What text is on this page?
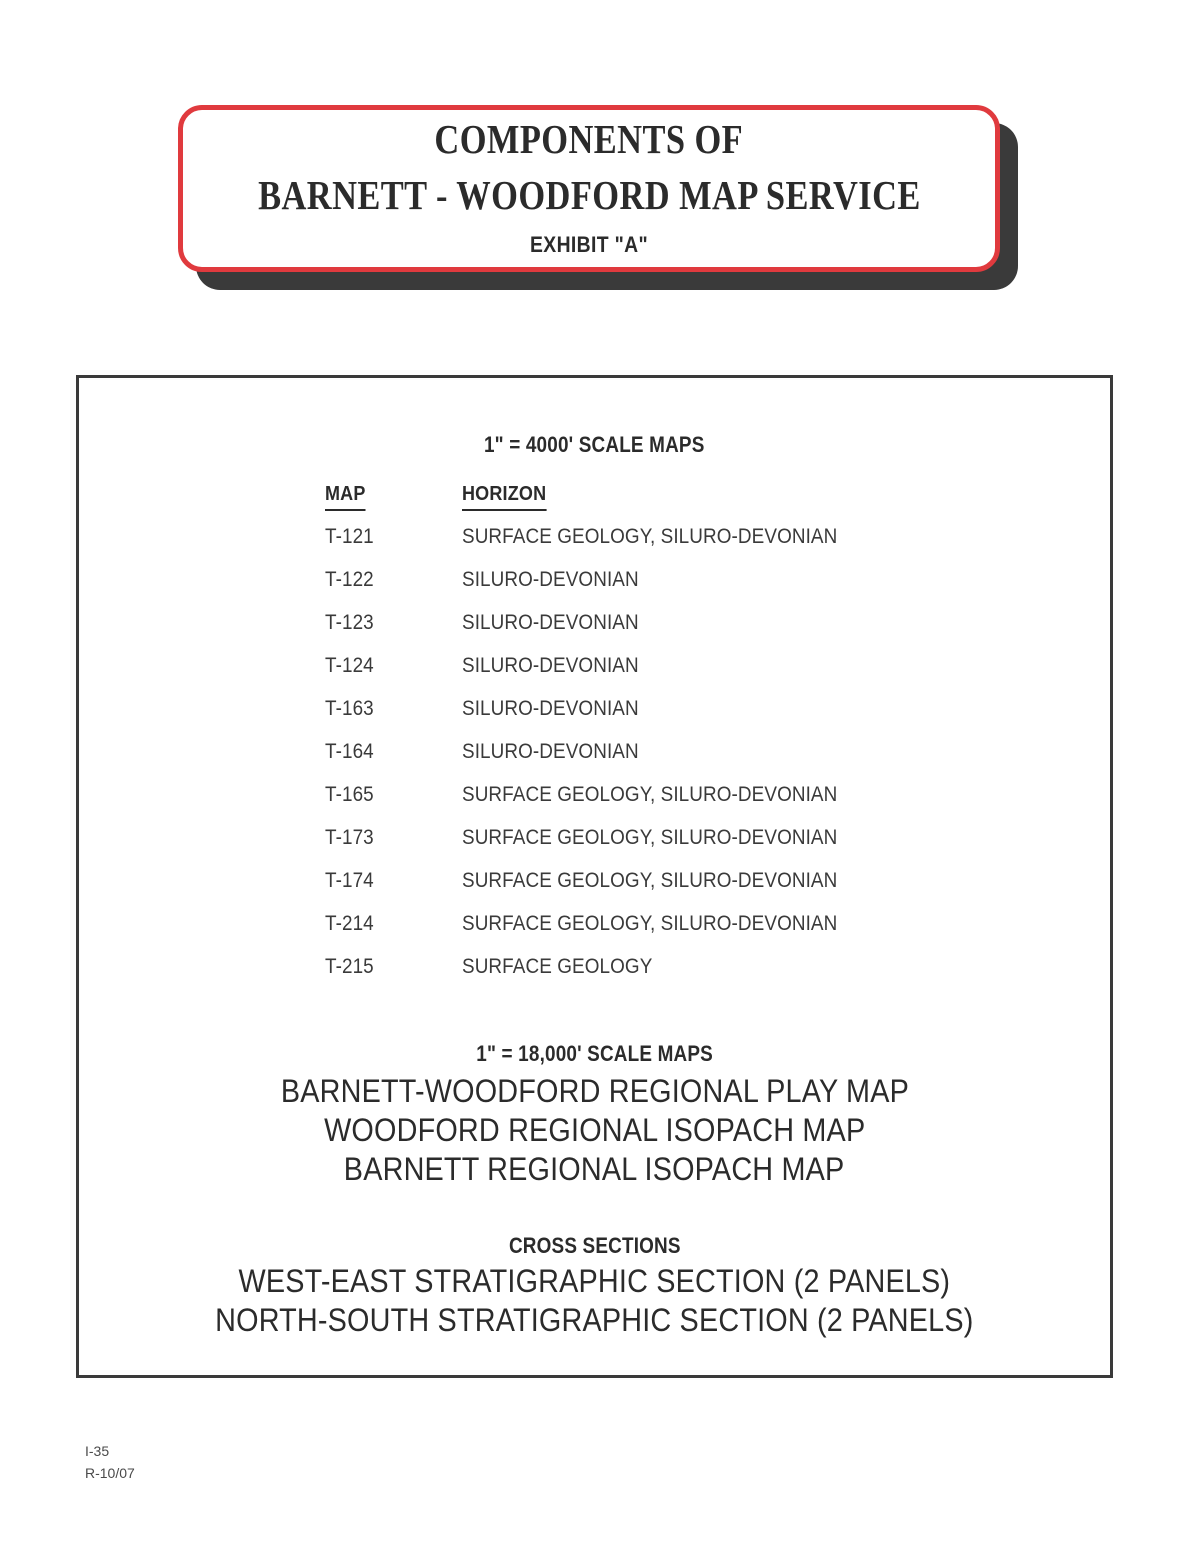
COMPONENTS OF
BARNETT - WOODFORD MAP SERVICE
EXHIBIT "A"
1" = 4000' SCALE MAPS
MAP	HORIZON
T-121	SURFACE GEOLOGY, SILURO-DEVONIAN
T-122	SILURO-DEVONIAN
T-123	SILURO-DEVONIAN
T-124	SILURO-DEVONIAN
T-163	SILURO-DEVONIAN
T-164	SILURO-DEVONIAN
T-165	SURFACE GEOLOGY, SILURO-DEVONIAN
T-173	SURFACE GEOLOGY, SILURO-DEVONIAN
T-174	SURFACE GEOLOGY, SILURO-DEVONIAN
T-214	SURFACE GEOLOGY, SILURO-DEVONIAN
T-215	SURFACE GEOLOGY
1" = 18,000' SCALE MAPS
BARNETT-WOODFORD REGIONAL PLAY MAP
WOODFORD REGIONAL ISOPACH MAP
BARNETT REGIONAL ISOPACH MAP
CROSS SECTIONS
WEST-EAST STRATIGRAPHIC SECTION (2 PANELS)
NORTH-SOUTH STRATIGRAPHIC SECTION (2 PANELS)
I-35
R-10/07
